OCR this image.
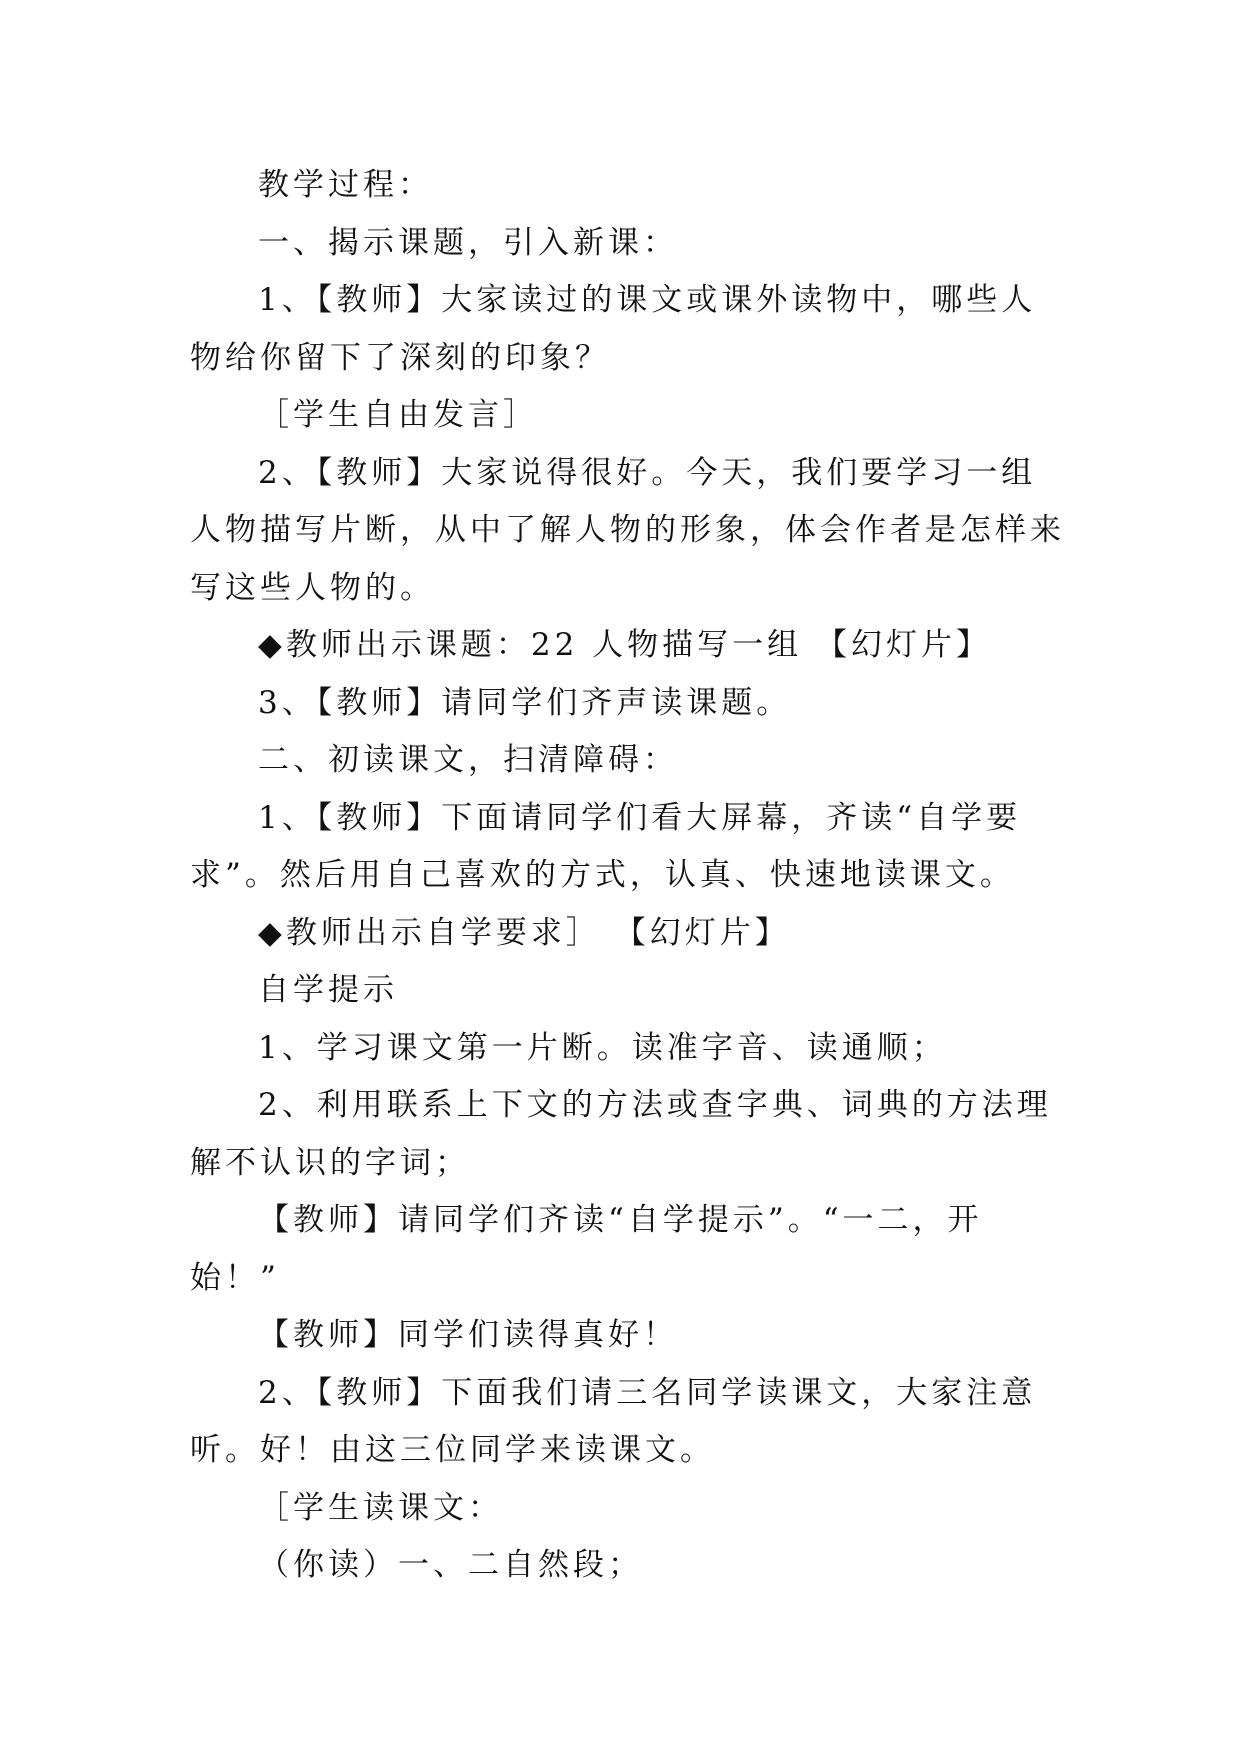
教学过程：

一、揭示课题，引入新课：

1、【教师】大家读过的课文或课外读物中，哪些人物给你留下了深刻的印象？

［学生自由发言］

2、【教师】大家说得很好。今天，我们要学习一组人物描写片断，从中了解人物的形象，体会作者是怎样来写这些人物的。

◆教师出示课题：22 人物描写一组 【幻灯片】

3、【教师】请同学们齐声读课题。

二、初读课文，扫清障碍：

1、【教师】下面请同学们看大屏幕，齐读“自学要求”。然后用自己喜欢的方式，认真、快速地读课文。

◆教师出示自学要求］ 【幻灯片】

自学提示

1、学习课文第一片断。读准字音、读通顺；

2、利用联系上下文的方法或查字典、词典的方法理解不认识的字词；

【教师】请同学们齐读“自学提示”。“一二，开始！”

【教师】同学们读得真好！

2、【教师】下面我们请三名同学读课文，大家注意听。好！由这三位同学来读课文。

［学生读课文：

（你读）一、二自然段；
